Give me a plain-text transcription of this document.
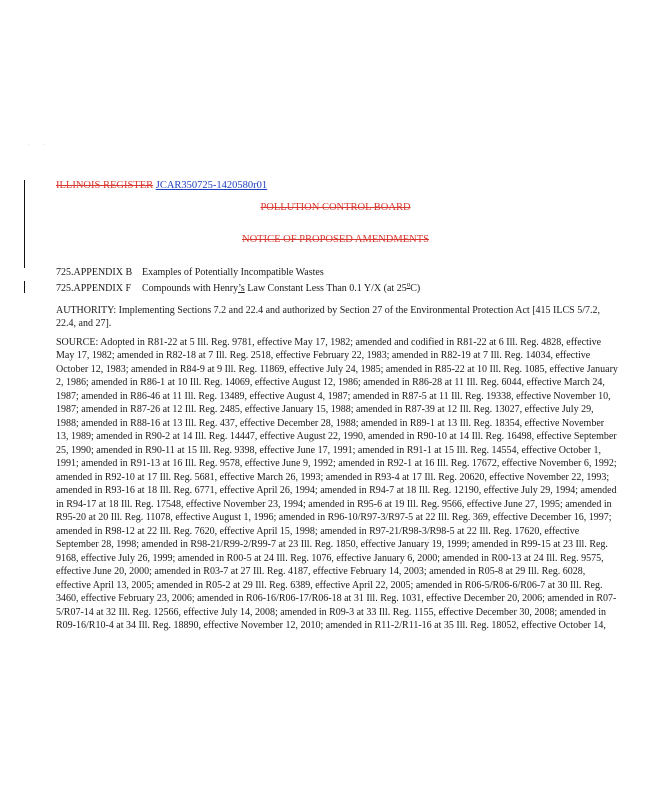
· ·
ILLINOIS REGISTER JCAR350725-1420580r01
POLLUTION CONTROL BOARD
NOTICE OF PROPOSED AMENDMENTS
725.APPENDIX B Examples of Potentially Incompatible Wastes
725.APPENDIX F Compounds with Henry’s Law Constant Less Than 0.1 Y/X (at 25$^o$C)
AUTHORITY: Implementing Sections 7.2 and 22.4 and authorized by Section 27 of the Environmental Protection Act [415 ILCS 5/7.2, 22.4, and 27].
SOURCE: Adopted in R81-22 at 5 Ill. Reg. 9781, effective May 17, 1982; amended and codified in R81-22 at 6 Ill. Reg. 4828, effective May 17, 1982; amended in R82-18 at 7 Ill. Reg. 2518, effective February 22, 1983; amended in R82-19 at 7 Ill. Reg. 14034, effective October 12, 1983; amended in R84-9 at 9 Ill. Reg. 11869, effective July 24, 1985; amended in R85-22 at 10 Ill. Reg. 1085, effective January 2, 1986; amended in R86-1 at 10 Ill. Reg. 14069, effective August 12, 1986; amended in R86-28 at 11 Ill. Reg. 6044, effective March 24, 1987; amended in R86-46 at 11 Ill. Reg. 13489, effective August 4, 1987; amended in R87-5 at 11 Ill. Reg. 19338, effective November 10, 1987; amended in R87-26 at 12 Ill. Reg. 2485, effective January 15, 1988; amended in R87-39 at 12 Ill. Reg. 13027, effective July 29, 1988; amended in R88-16 at 13 Ill. Reg. 437, effective December 28, 1988; amended in R89-1 at 13 Ill. Reg. 18354, effective November 13, 1989; amended in R90-2 at 14 Ill. Reg. 14447, effective August 22, 1990, amended in R90-10 at 14 Ill. Reg. 16498, effective September 25, 1990; amended in R90-11 at 15 Ill. Reg. 9398, effective June 17, 1991; amended in R91-1 at 15 Ill. Reg. 14554, effective October 1, 1991; amended in R91-13 at 16 Ill. Reg. 9578, effective June 9, 1992; amended in R92-1 at 16 Ill. Reg. 17672, effective November 6, 1992; amended in R92-10 at 17 Ill. Reg. 5681, effective March 26, 1993; amended in R93-4 at 17 Ill. Reg. 20620, effective November 22, 1993; amended in R93-16 at 18 Ill. Reg. 6771, effective April 26, 1994; amended in R94-7 at 18 Ill. Reg. 12190, effective July 29, 1994; amended in R94-17 at 18 Ill. Reg. 17548, effective November 23, 1994; amended in R95-6 at 19 Ill. Reg. 9566, effective June 27, 1995; amended in R95-20 at 20 Ill. Reg. 11078, effective August 1, 1996; amended in R96-10/R97-3/R97-5 at 22 Ill. Reg. 369, effective December 16, 1997; amended in R98-12 at 22 Ill. Reg. 7620, effective April 15, 1998; amended in R97-21/R98-3/R98-5 at 22 Ill. Reg. 17620, effective September 28, 1998; amended in R98-21/R99-2/R99-7 at 23 Ill. Reg. 1850, effective January 19, 1999; amended in R99-15 at 23 Ill. Reg. 9168, effective July 26, 1999; amended in R00-5 at 24 Ill. Reg. 1076, effective January 6, 2000; amended in R00-13 at 24 Ill. Reg. 9575, effective June 20, 2000; amended in R03-7 at 27 Ill. Reg. 4187, effective February 14, 2003; amended in R05-8 at 29 Ill. Reg. 6028, effective April 13, 2005; amended in R05-2 at 29 Ill. Reg. 6389, effective April 22, 2005; amended in R06-5/R06-6/R06-7 at 30 Ill. Reg. 3460, effective February 23, 2006; amended in R06-16/R06-17/R06-18 at 31 Ill. Reg. 1031, effective December 20, 2006; amended in R07-5/R07-14 at 32 Ill. Reg. 12566, effective July 14, 2008; amended in R09-3 at 33 Ill. Reg. 1155, effective December 30, 2008; amended in R09-16/R10-4 at 34 Ill. Reg. 18890, effective November 12, 2010; amended in R11-2/R11-16 at 35 Ill. Reg. 18052, effective October 14,
